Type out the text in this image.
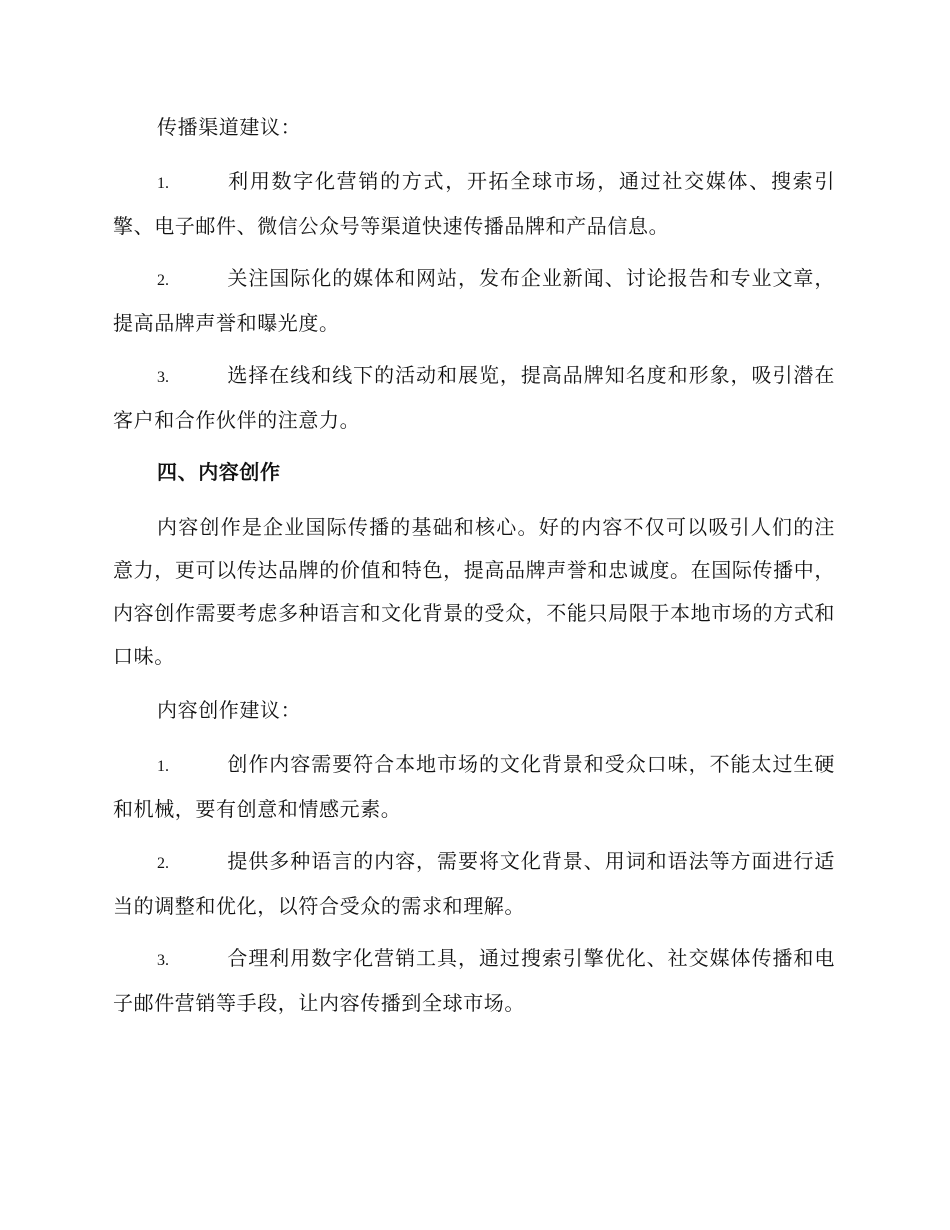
传播渠道建议：

1.	利用数字化营销的方式，开拓全球市场，通过社交媒体、搜索引擎、电子邮件、微信公众号等渠道快速传播品牌和产品信息。

2.	关注国际化的媒体和网站，发布企业新闻、讨论报告和专业文章，提高品牌声誉和曝光度。

3.	选择在线和线下的活动和展览，提高品牌知名度和形象，吸引潜在客户和合作伙伴的注意力。

四、内容创作

内容创作是企业国际传播的基础和核心。好的内容不仅可以吸引人们的注意力，更可以传达品牌的价值和特色，提高品牌声誉和忠诚度。在国际传播中，内容创作需要考虑多种语言和文化背景的受众，不能只局限于本地市场的方式和口味。

内容创作建议：

1.	创作内容需要符合本地市场的文化背景和受众口味，不能太过生硬和机械，要有创意和情感元素。

2.	提供多种语言的内容，需要将文化背景、用词和语法等方面进行适当的调整和优化，以符合受众的需求和理解。

3.	合理利用数字化营销工具，通过搜索引擎优化、社交媒体传播和电子邮件营销等手段，让内容传播到全球市场。
